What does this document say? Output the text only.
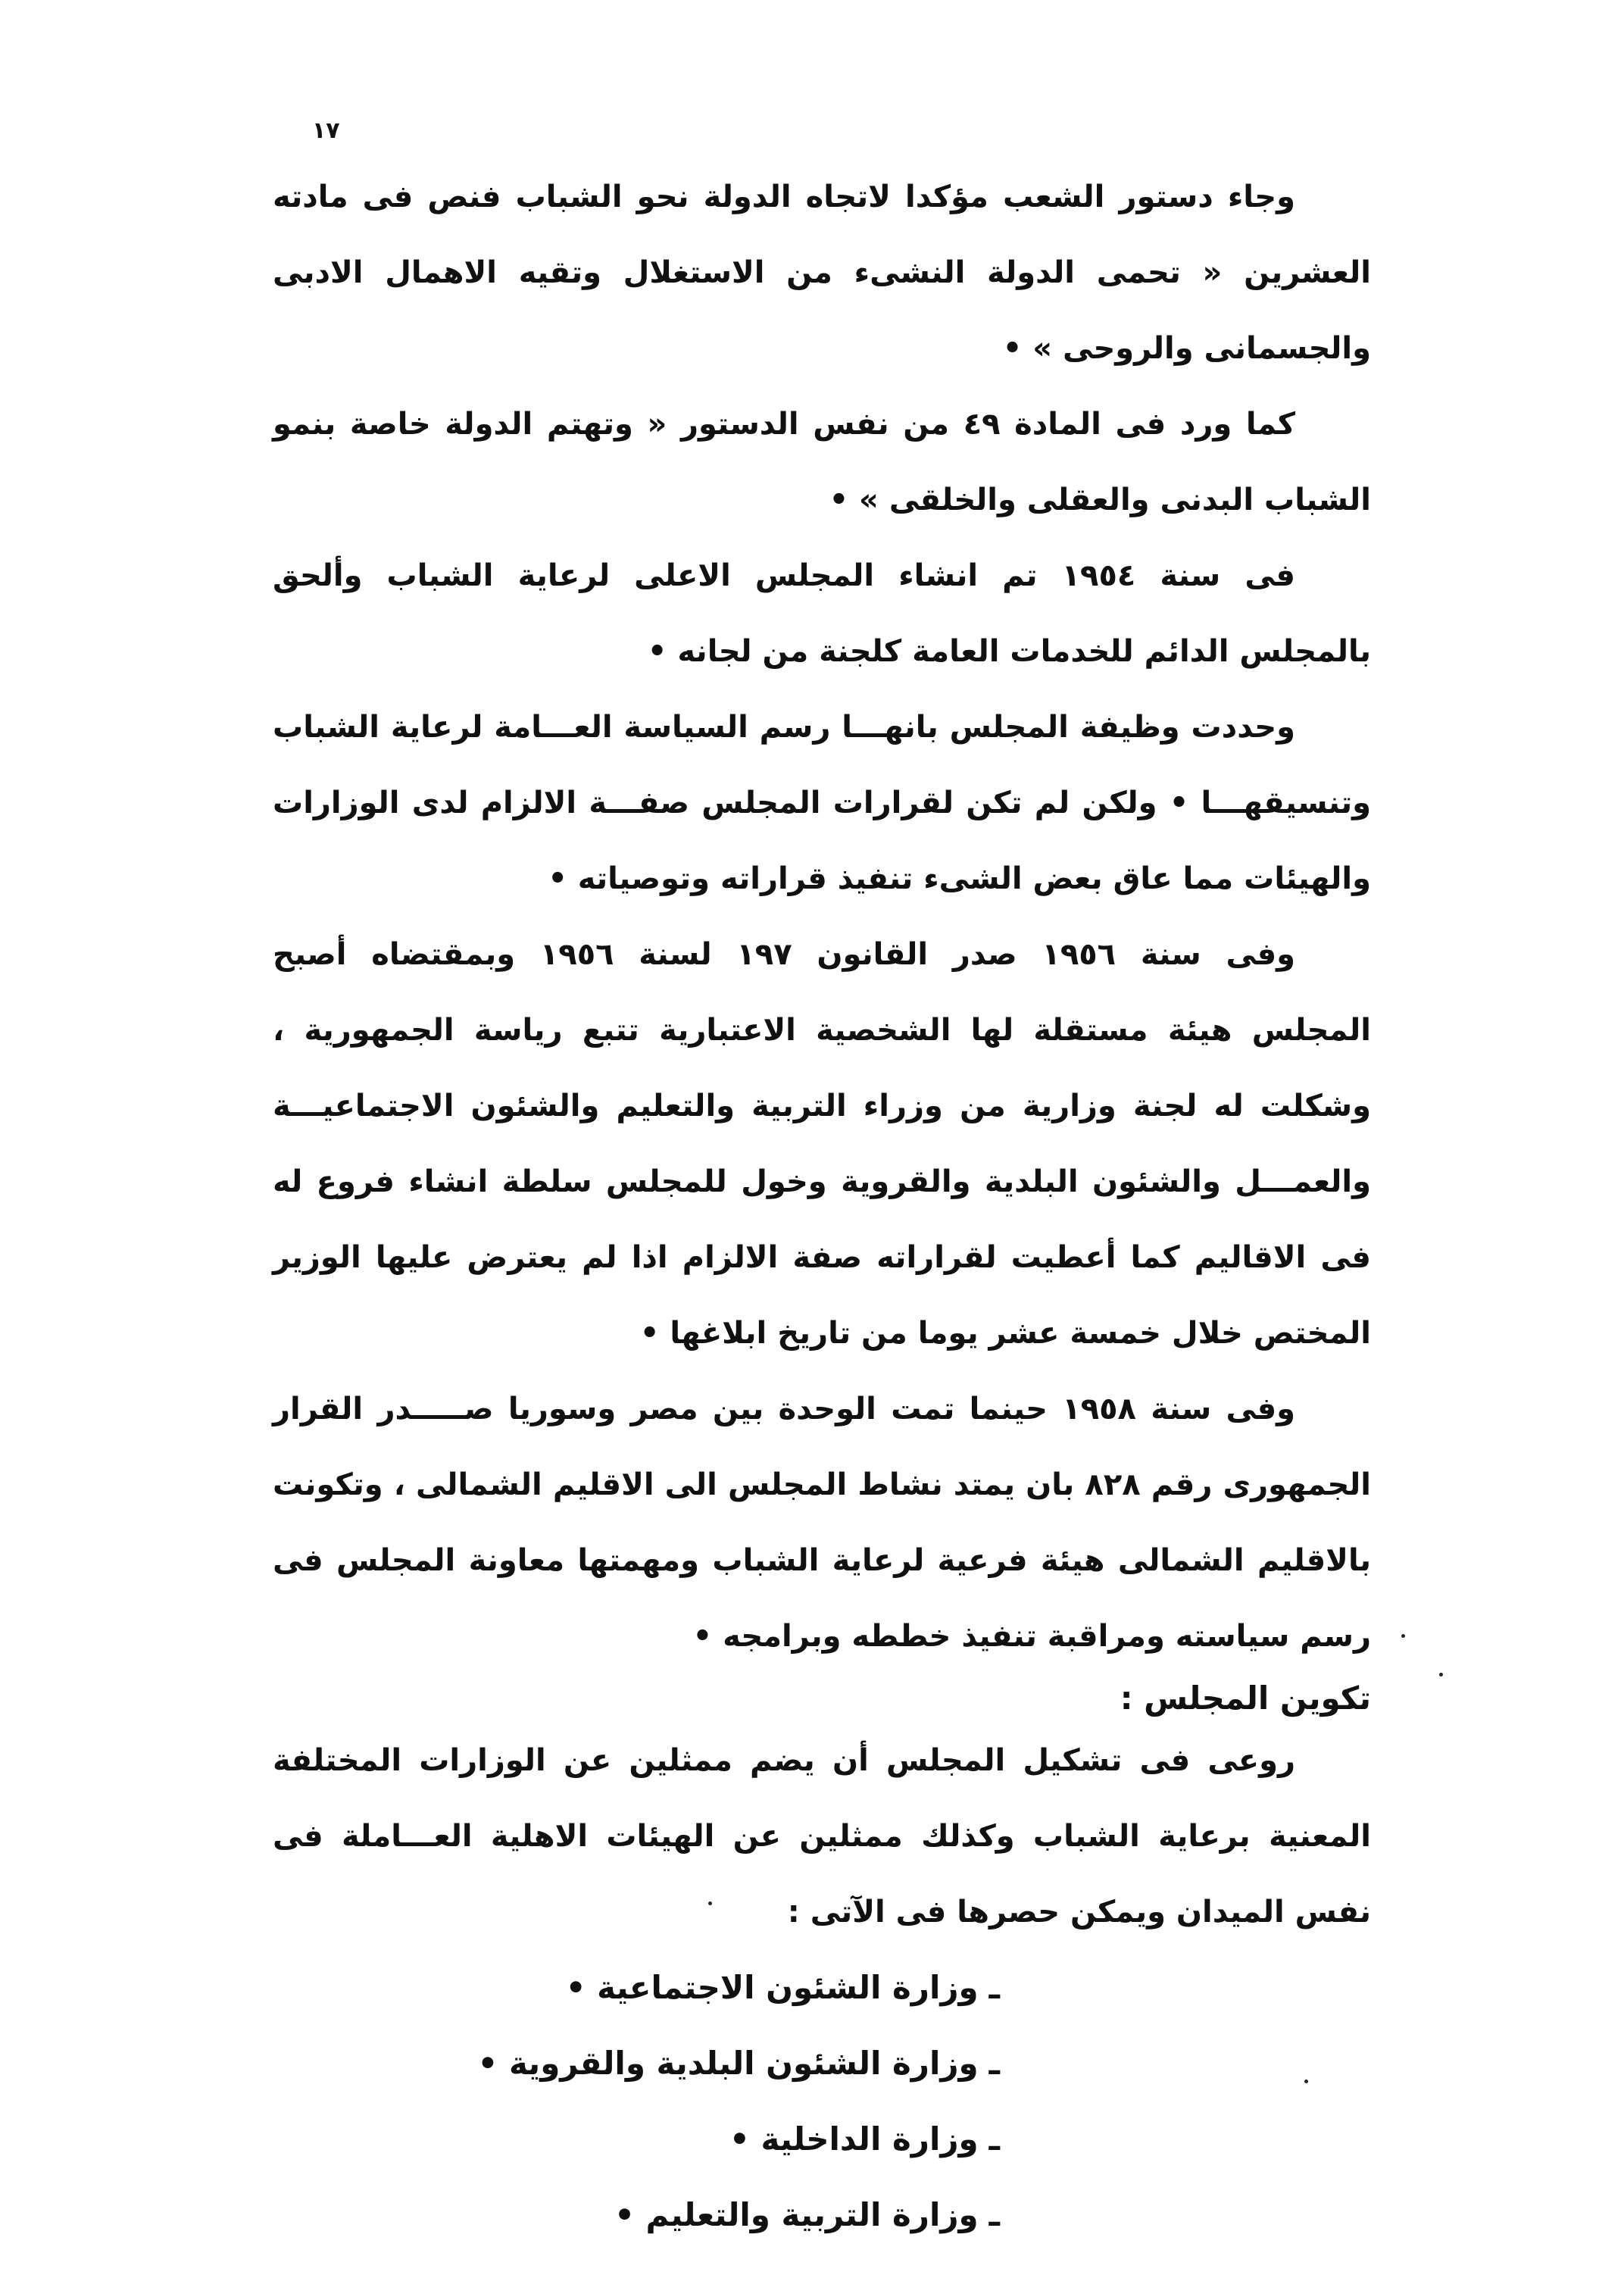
١٧

وجاء دستور الشعب مؤكدا لاتجاه الدولة نحو الشباب فنص فى مادته العشرين « تحمى الدولة النشىء من الاستغلال وتقيه الاهمال الادبى والجسمانى والروحى » •

كما ورد فى المادة ٤٩ من نفس الدستور « وتهتم الدولة خاصة بنمو الشباب البدنى والعقلى والخلقى » •

فى سنة ١٩٥٤ تم انشاء المجلس الاعلى لرعاية الشباب وألحق بالمجلس الدائم للخدمات العامة كلجنة من لجانه •

وحددت وظيفة المجلس بانهـــا رسم السياسة العـــامة لرعاية الشباب وتنسيقهـــا • ولكن لم تكن لقرارات المجلس صفـــة الالزام لدى الوزارات والهيئات مما عاق بعض الشىء تنفيذ قراراته وتوصياته •

وفى سنة ١٩٥٦ صدر القانون ١٩٧ لسنة ١٩٥٦ وبمقتضاه أصبح المجلس هيئة مستقلة لها الشخصية الاعتبارية تتبع رياسة الجمهورية ، وشكلت له لجنة وزارية من وزراء التربية والتعليم والشئون الاجتماعيـــة والعمـــل والشئون البلدية والقروية وخول للمجلس سلطة انشاء فروع له فى الاقاليم كما أعطيت لقراراته صفة الالزام اذا لم يعترض عليها الوزير المختص خلال خمسة عشر يوما من تاريخ ابلاغها •

وفى سنة ١٩٥٨ حينما تمت الوحدة بين مصر وسوريا صـــــدر القرار الجمهورى رقم ٨٢٨ بان يمتد نشاط المجلس الى الاقليم الشمالى ، وتكونت بالاقليم الشمالى هيئة فرعية لرعاية الشباب ومهمتها معاونة المجلس فى رسم سياسته ومراقبة تنفيذ خططه وبرامجه •

تكوين المجلس :

روعى فى تشكيل المجلس أن يضم ممثلين عن الوزارات المختلفة المعنية برعاية الشباب وكذلك ممثلين عن الهيئات الاهلية العـــاملة فى نفس الميدان ويمكن حصرها فى الآتى :

ـوزارة الشئون الاجتماعية •
ـوزارة الشئون البلدية والقروية •
ـوزارة الداخلية •
ـوزارة التربية والتعليم •
